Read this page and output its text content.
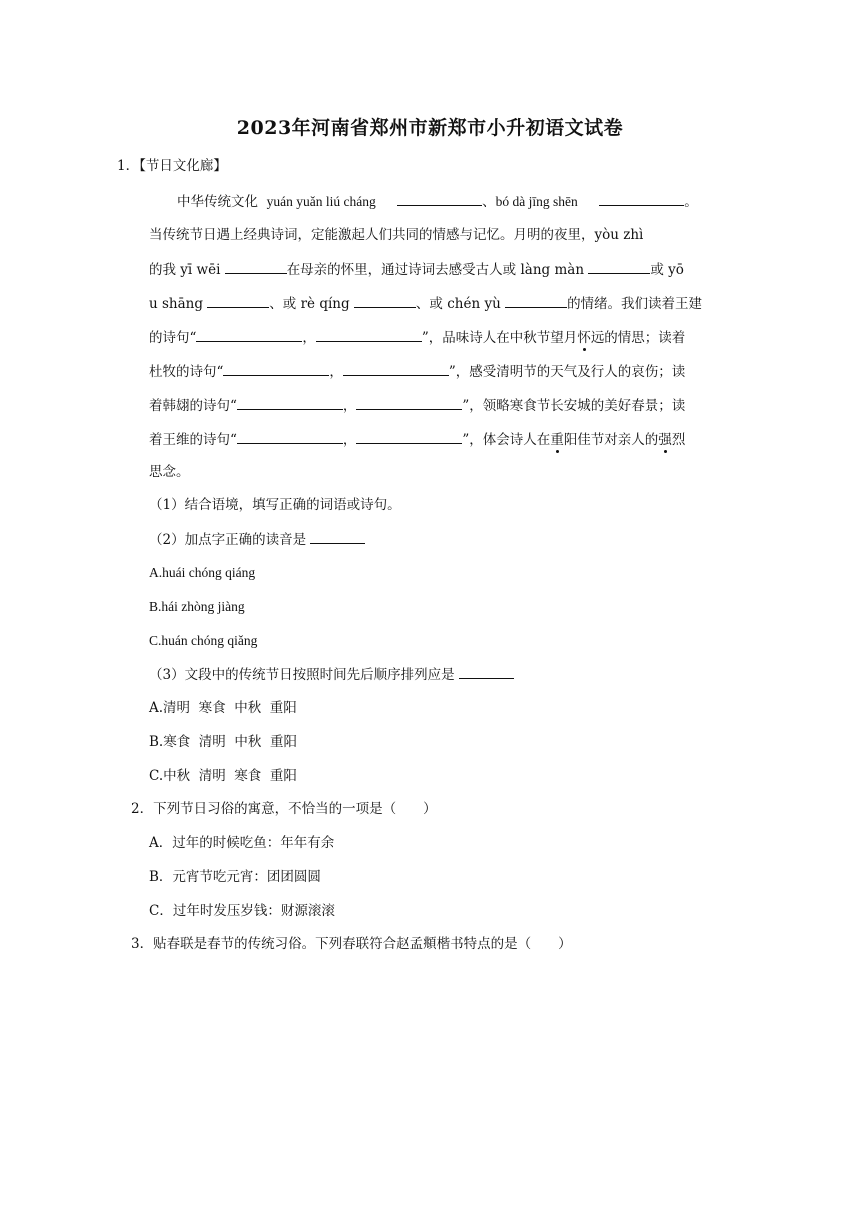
2023年河南省郑州市新郑市小升初语文试卷
1．【节日文化廊】
中华传统文化 yuán yuǎn liú cháng	、bó dà jīng shēn	。
当传统节日遇上经典诗词，定能激起人们共同的情感与记忆。月明的夜里，yòu zhì
的我 yī wēi	在母亲的怀里，通过诗词去感受古人或 làng màn	或 yō
u shāng	、或 rè qíng	、或 chén yù	的情绪。我们读着王建
的诗句“	，	”，品味诗人在中秋节望月怀远的情思；读着
杜牧的诗句“	，	”，感受清明节的天气及行人的哀伤；读
着韩翃的诗句“	，	”，领略寒食节长安城的美好春景；读
着王维的诗句“	，	”，体会诗人在重阳佳节对亲人的强烈
思念。
（1）结合语境，填写正确的词语或诗句。
（2）加点字正确的读音是
A.huái chóng qiáng
B.hái zhòng jiàng
C.huán chóng qiǎng
（3）文段中的传统节日按照时间先后顺序排列应是
A.清明  寒食  中秋  重阳
B.寒食  清明  中秋  重阳
C.中秋  清明  寒食  重阳
2．下列节日习俗的寓意，不恰当的一项是（　　）
A．过年的时候吃鱼：年年有余
B．元宵节吃元宵：团团圆圆
C．过年时发压岁钱：财源滚滚
3．贴春联是春节的传统习俗。下列春联符合赵孟頫楷书特点的是（　　）
